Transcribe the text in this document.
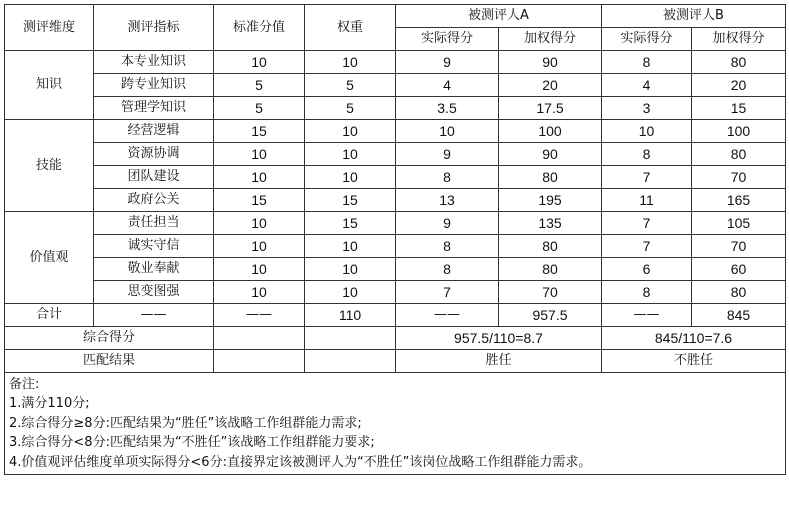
测评维度	测评指标	标准分值	权重	被测评人A		被测评人B	
				实际得分	加权得分	实际得分	加权得分
知识	本专业知识	10	10	9	90	8	80
	跨专业知识	5	5	4	20	4	20
	管理学知识	5	5	3.5	17.5	3	15
技能	经营逻辑	15	10	10	100	10	100
	资源协调	10	10	9	90	8	80
	团队建设	10	10	8	80	7	70
	政府公关	15	15	13	195	11	165
价值观	责任担当	10	15	9	135	7	105
	诚实守信	10	10	8	80	7	70
	敬业奉献	10	10	8	80	6	60
	思变图强	10	10	7	70	8	80
合计	——	——	110	——	957.5	——	845
综合得分				957.5/110=8.7		845/110=7.6	
匹配结果				胜任		不胜任	

备注:
1.满分110分;
2.综合得分≥8分:匹配结果为“胜任”该战略工作组群能力需求;
3.综合得分<8分:匹配结果为“不胜任”该战略工作组群能力要求;
4.价值观评估维度单项实际得分<6分:直接界定该被测评人为“不胜任”该岗位战略工作组群能力需求。							
